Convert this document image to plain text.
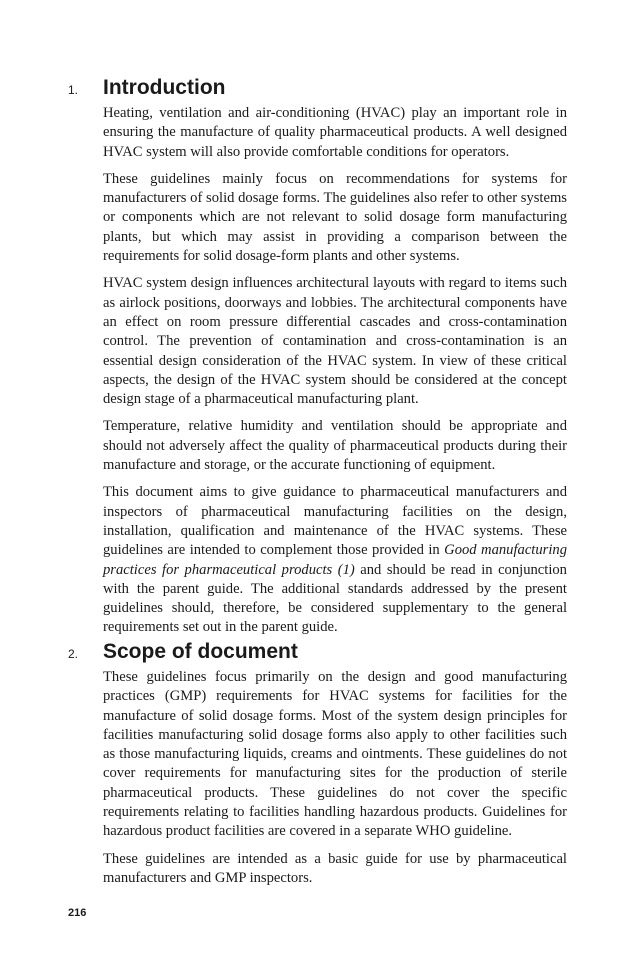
1. Introduction

Heating, ventilation and air-conditioning (HVAC) play an important role in ensuring the manufacture of quality pharmaceutical products. A well designed HVAC system will also provide comfortable conditions for operators.

These guidelines mainly focus on recommendations for systems for manufacturers of solid dosage forms. The guidelines also refer to other systems or components which are not relevant to solid dosage form manufacturing plants, but which may assist in providing a comparison between the requirements for solid dosage-form plants and other systems.

HVAC system design influences architectural layouts with regard to items such as airlock positions, doorways and lobbies. The architectural components have an effect on room pressure differential cascades and cross-contamination control. The prevention of contamination and cross-contamination is an essential design consideration of the HVAC system. In view of these critical aspects, the design of the HVAC system should be considered at the concept design stage of a pharmaceutical manufacturing plant.

Temperature, relative humidity and ventilation should be appropriate and should not adversely affect the quality of pharmaceutical products during their manufacture and storage, or the accurate functioning of equipment.

This document aims to give guidance to pharmaceutical manufacturers and inspectors of pharmaceutical manufacturing facilities on the design, installation, qualification and maintenance of the HVAC systems. These guidelines are intended to complement those provided in Good manufacturing practices for pharmaceutical products (1) and should be read in conjunction with the parent guide. The additional standards addressed by the present guidelines should, therefore, be considered supplementary to the general requirements set out in the parent guide.

2. Scope of document

These guidelines focus primarily on the design and good manufacturing practices (GMP) requirements for HVAC systems for facilities for the manufacture of solid dosage forms. Most of the system design principles for facilities manufacturing solid dosage forms also apply to other facilities such as those manufacturing liquids, creams and ointments. These guidelines do not cover requirements for manufacturing sites for the production of sterile pharmaceutical products. These guidelines do not cover the specific requirements relating to facilities handling hazardous products. Guidelines for hazardous product facilities are covered in a separate WHO guideline.

These guidelines are intended as a basic guide for use by pharmaceutical manufacturers and GMP inspectors.

216
